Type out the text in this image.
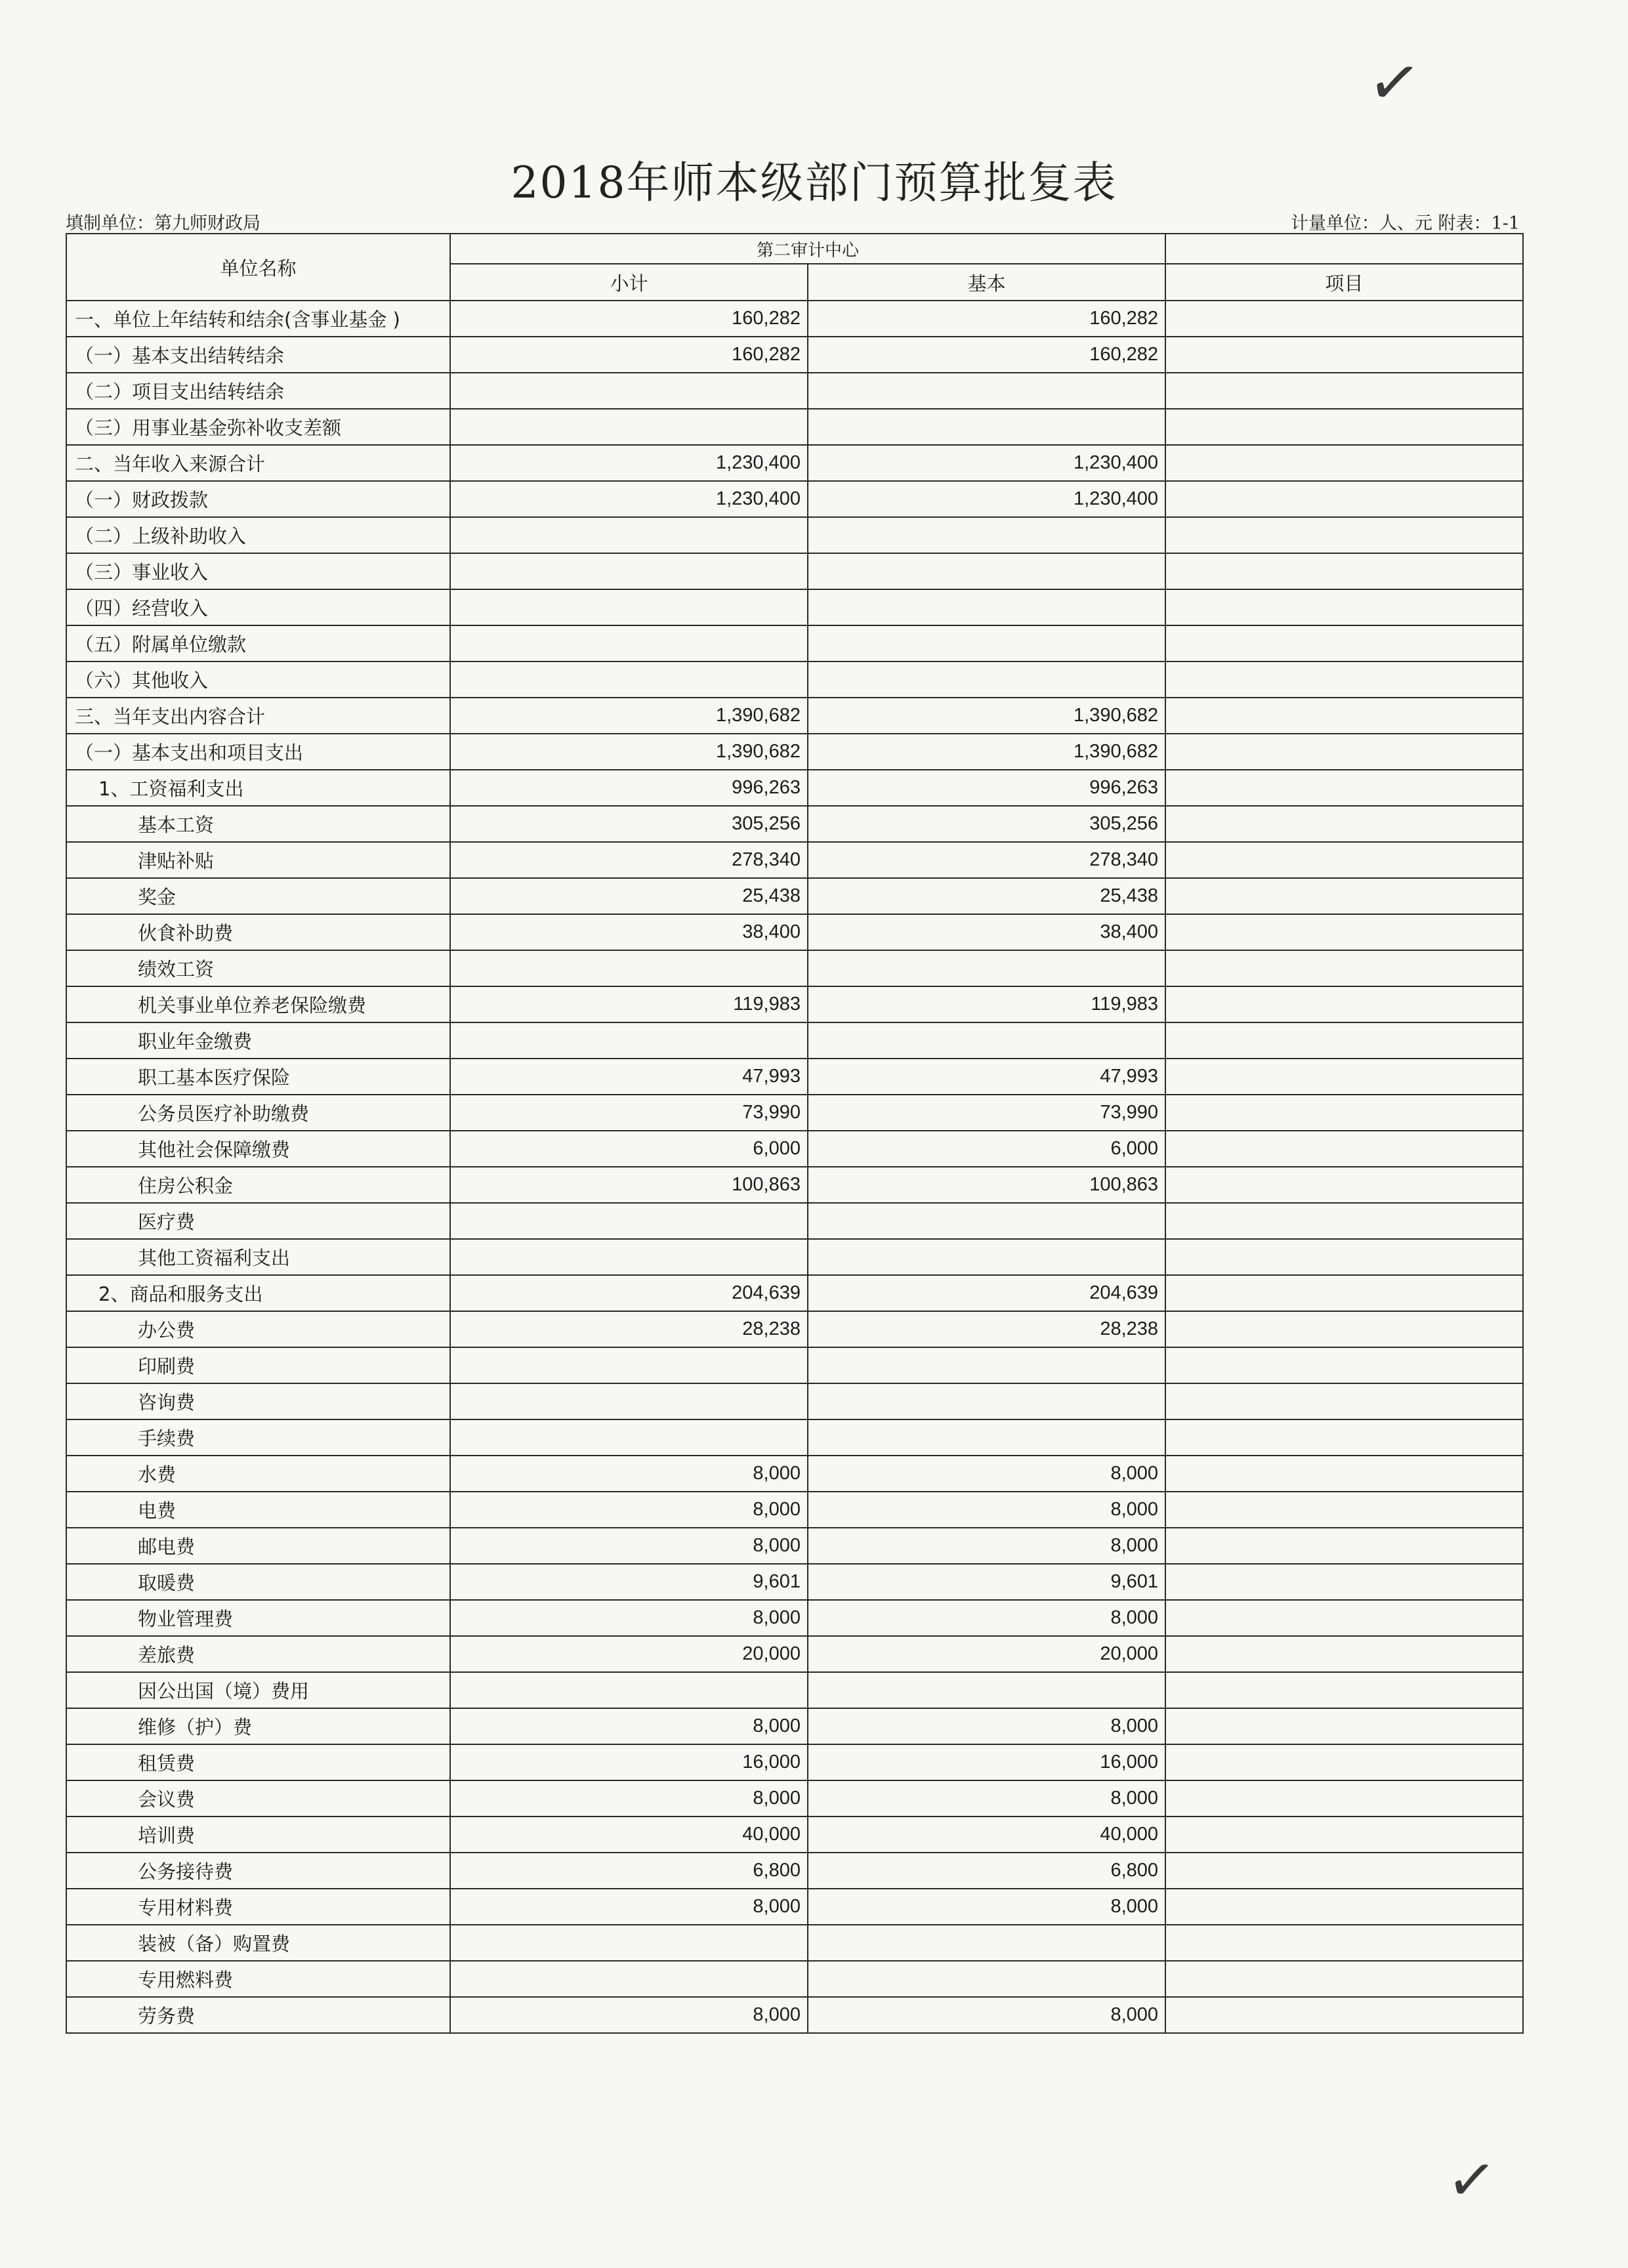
✓
✓
2018年师本级部门预算批复表
填制单位：第九师财政局	计量单位：人、元 附表：1-1
单位名称	第二审计中心		
	小计	基本	项目
一、单位上年结转和结余(含事业基金 )	160,282	160,282	
（一）基本支出结转结余	160,282	160,282	
（二）项目支出结转结余			
（三）用事业基金弥补收支差额			
二、当年收入来源合计	1,230,400	1,230,400	
（一）财政拨款	1,230,400	1,230,400	
（二）上级补助收入			
（三）事业收入			
（四）经营收入			
（五）附属单位缴款			
（六）其他收入			
三、当年支出内容合计	1,390,682	1,390,682	
（一）基本支出和项目支出	1,390,682	1,390,682	
1、工资福利支出	996,263	996,263	
基本工资	305,256	305,256	
津贴补贴	278,340	278,340	
奖金	25,438	25,438	
伙食补助费	38,400	38,400	
绩效工资			
机关事业单位养老保险缴费	119,983	119,983	
职业年金缴费			
职工基本医疗保险	47,993	47,993	
公务员医疗补助缴费	73,990	73,990	
其他社会保障缴费	6,000	6,000	
住房公积金	100,863	100,863	
医疗费			
其他工资福利支出			
2、商品和服务支出	204,639	204,639	
办公费	28,238	28,238	
印刷费			
咨询费			
手续费			
水费	8,000	8,000	
电费	8,000	8,000	
邮电费	8,000	8,000	
取暖费	9,601	9,601	
物业管理费	8,000	8,000	
差旅费	20,000	20,000	
因公出国（境）费用			
维修（护）费	8,000	8,000	
租赁费	16,000	16,000	
会议费	8,000	8,000	
培训费	40,000	40,000	
公务接待费	6,800	6,800	
专用材料费	8,000	8,000	
装被（备）购置费			
专用燃料费			
劳务费	8,000	8,000	
